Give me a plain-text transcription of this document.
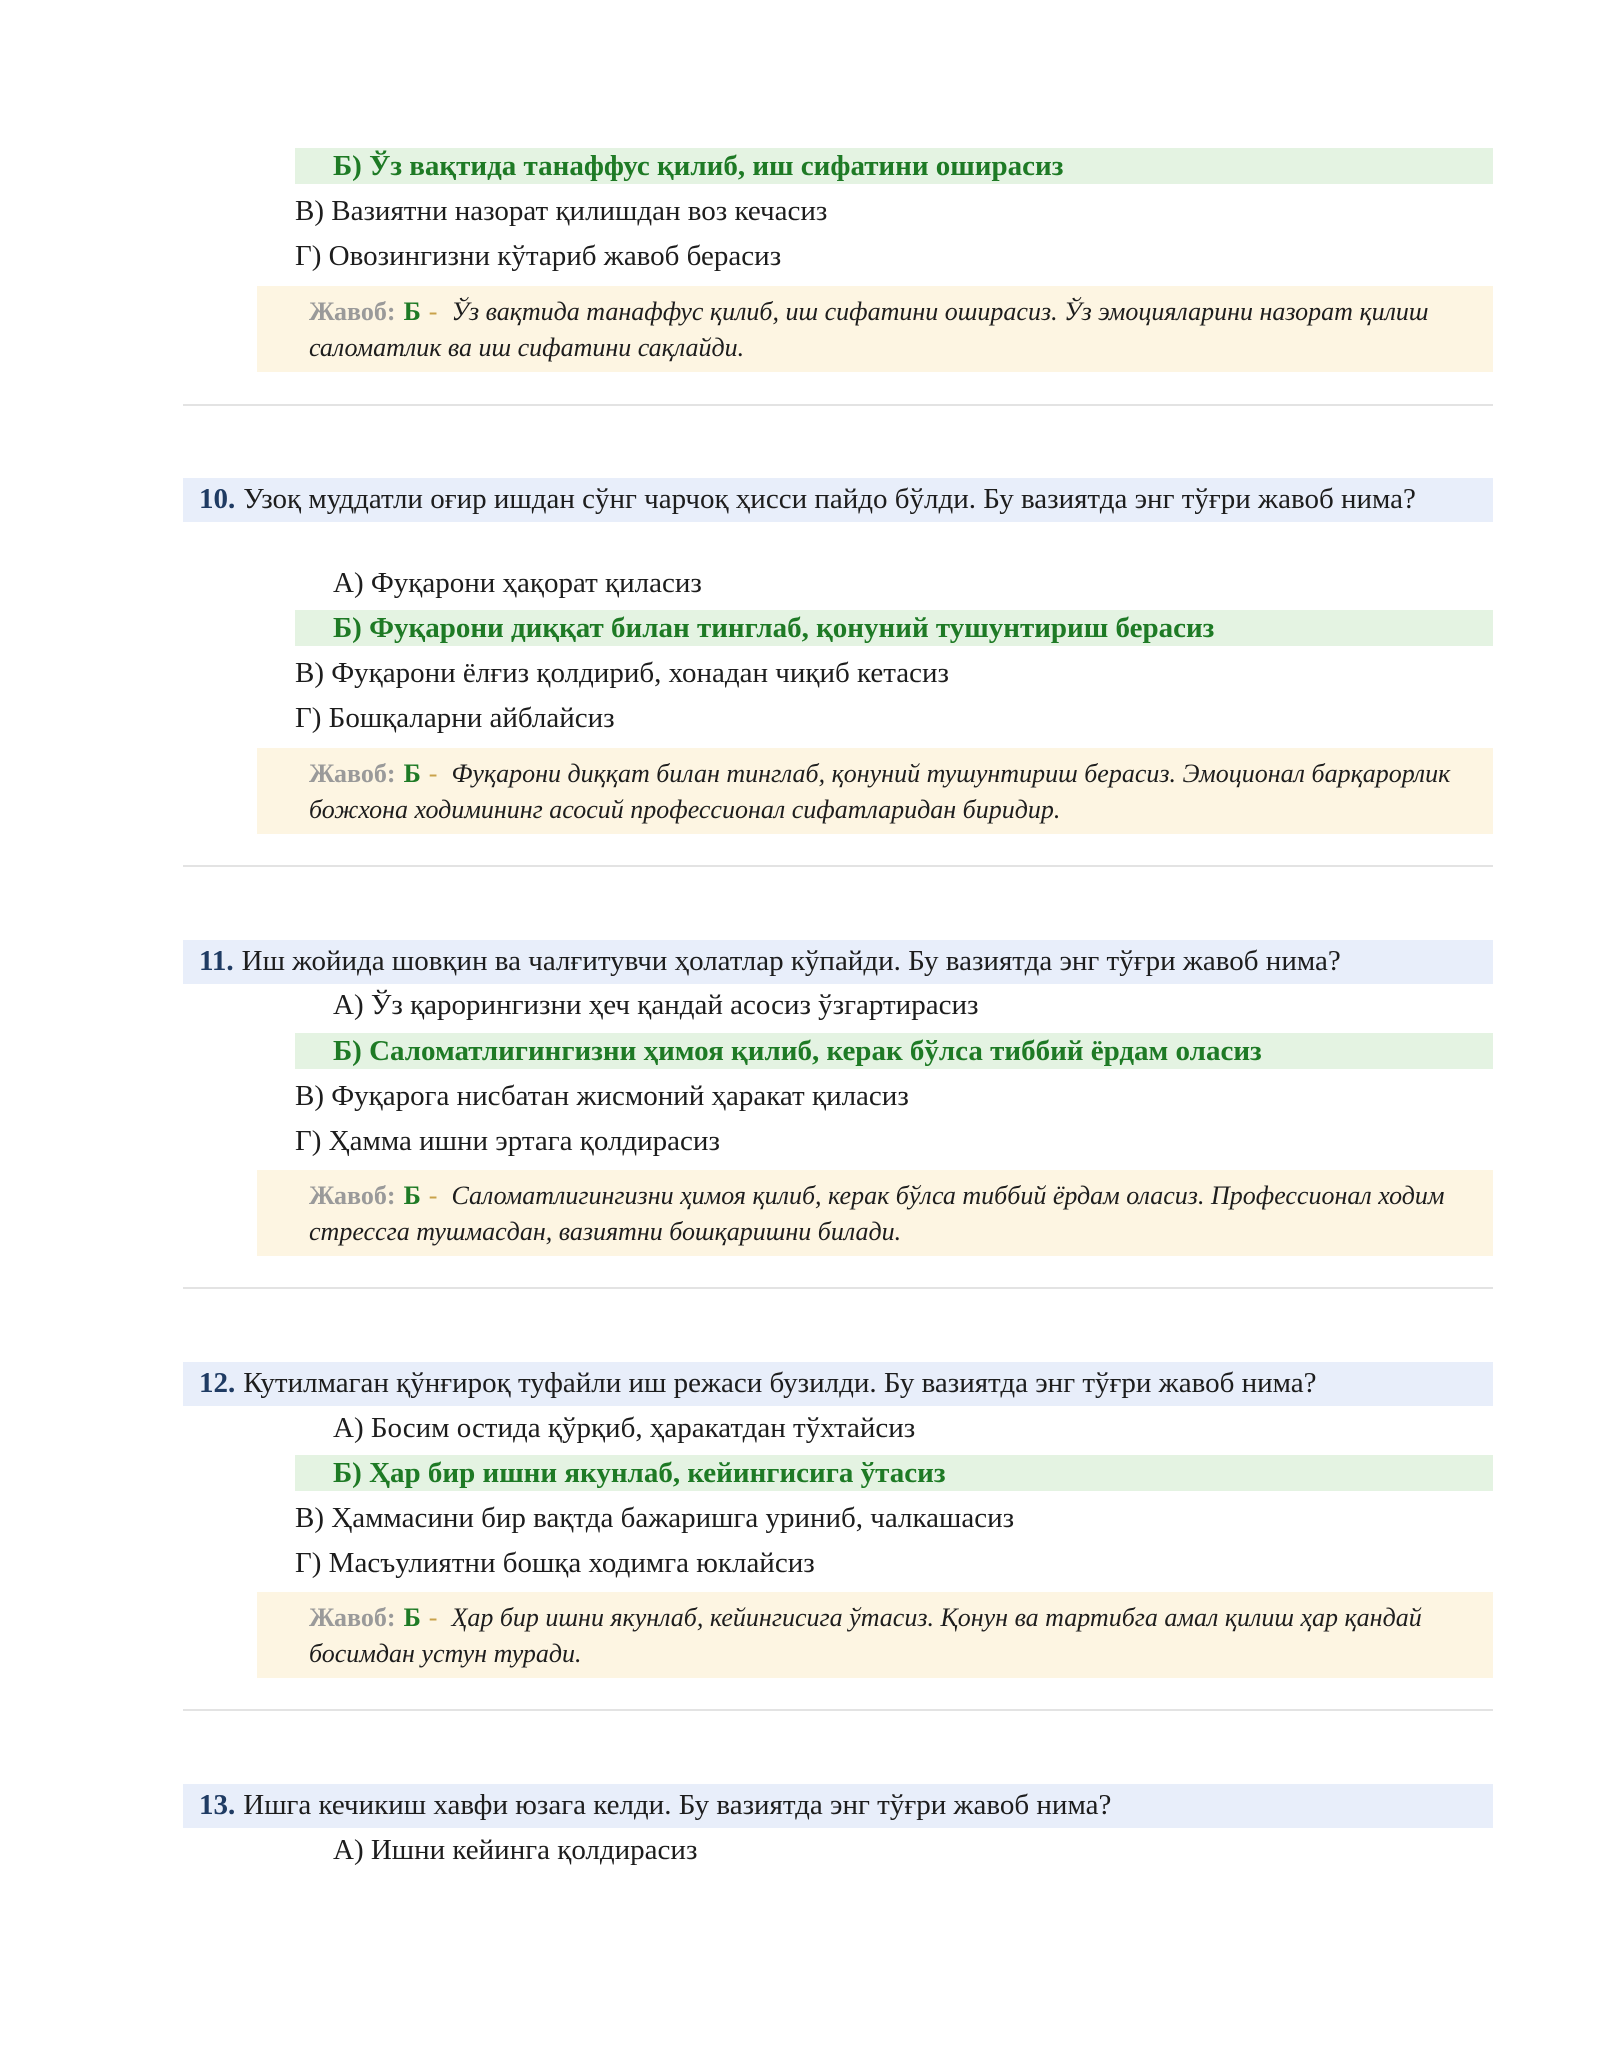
Б) Ўз вақтида танаффус қилиб, иш сифатини оширасиз
В) Вазиятни назорат қилишдан воз кечасиз
Г) Овозингизни кўтариб жавоб берасиз
Жавоб: Б - Ўз вақтида танаффус қилиб, иш сифатини оширасиз. Ўз эмоцияларини назорат қилиш саломатлик ва иш сифатини сақлайди.
10. Узоқ муддатли оғир ишдан сўнг чарчоқ ҳисси пайдо бўлди. Бу вазиятда энг тўғри жавоб нима?
А) Фуқарони ҳақорат қиласиз
Б) Фуқарони диққат билан тинглаб, қонуний тушунтириш берасиз
В) Фуқарони ёлғиз қолдириб, хонадан чиқиб кетасиз
Г) Бошқаларни айблайсиз
Жавоб: Б - Фуқарони диққат билан тинглаб, қонуний тушунтириш берасиз. Эмоционал барқарорлик божхона ходимининг асосий профессионал сифатларидан биридир.
11. Иш жойида шовқин ва чалғитувчи ҳолатлар кўпайди. Бу вазиятда энг тўғри жавоб нима?
А) Ўз қарорингизни ҳеч қандай асосиз ўзгартирасиз
Б) Саломатлигингизни ҳимоя қилиб, керак бўлса тиббий ёрдам оласиз
В) Фуқарога нисбатан жисмоний ҳаракат қиласиз
Г) Ҳамма ишни эртага қолдирасиз
Жавоб: Б - Саломатлигингизни ҳимоя қилиб, керак бўлса тиббий ёрдам оласиз. Профессионал ходим стрессга тушмасдан, вазиятни бошқаришни билади.
12. Кутилмаган қўнғироқ туфайли иш режаси бузилди. Бу вазиятда энг тўғри жавоб нима?
А) Босим остида қўрқиб, ҳаракатдан тўхтайсиз
Б) Ҳар бир ишни якунлаб, кейингисига ўтасиз
В) Ҳаммасини бир вақтда бажаришга уриниб, чалкашасиз
Г) Масъулиятни бошқа ходимга юклайсиз
Жавоб: Б - Ҳар бир ишни якунлаб, кейингисига ўтасиз. Қонун ва тартибга амал қилиш ҳар қандай босимдан устун туради.
13. Ишга кечикиш хавфи юзага келди. Бу вазиятда энг тўғри жавоб нима?
А) Ишни кейинга қолдирасиз
